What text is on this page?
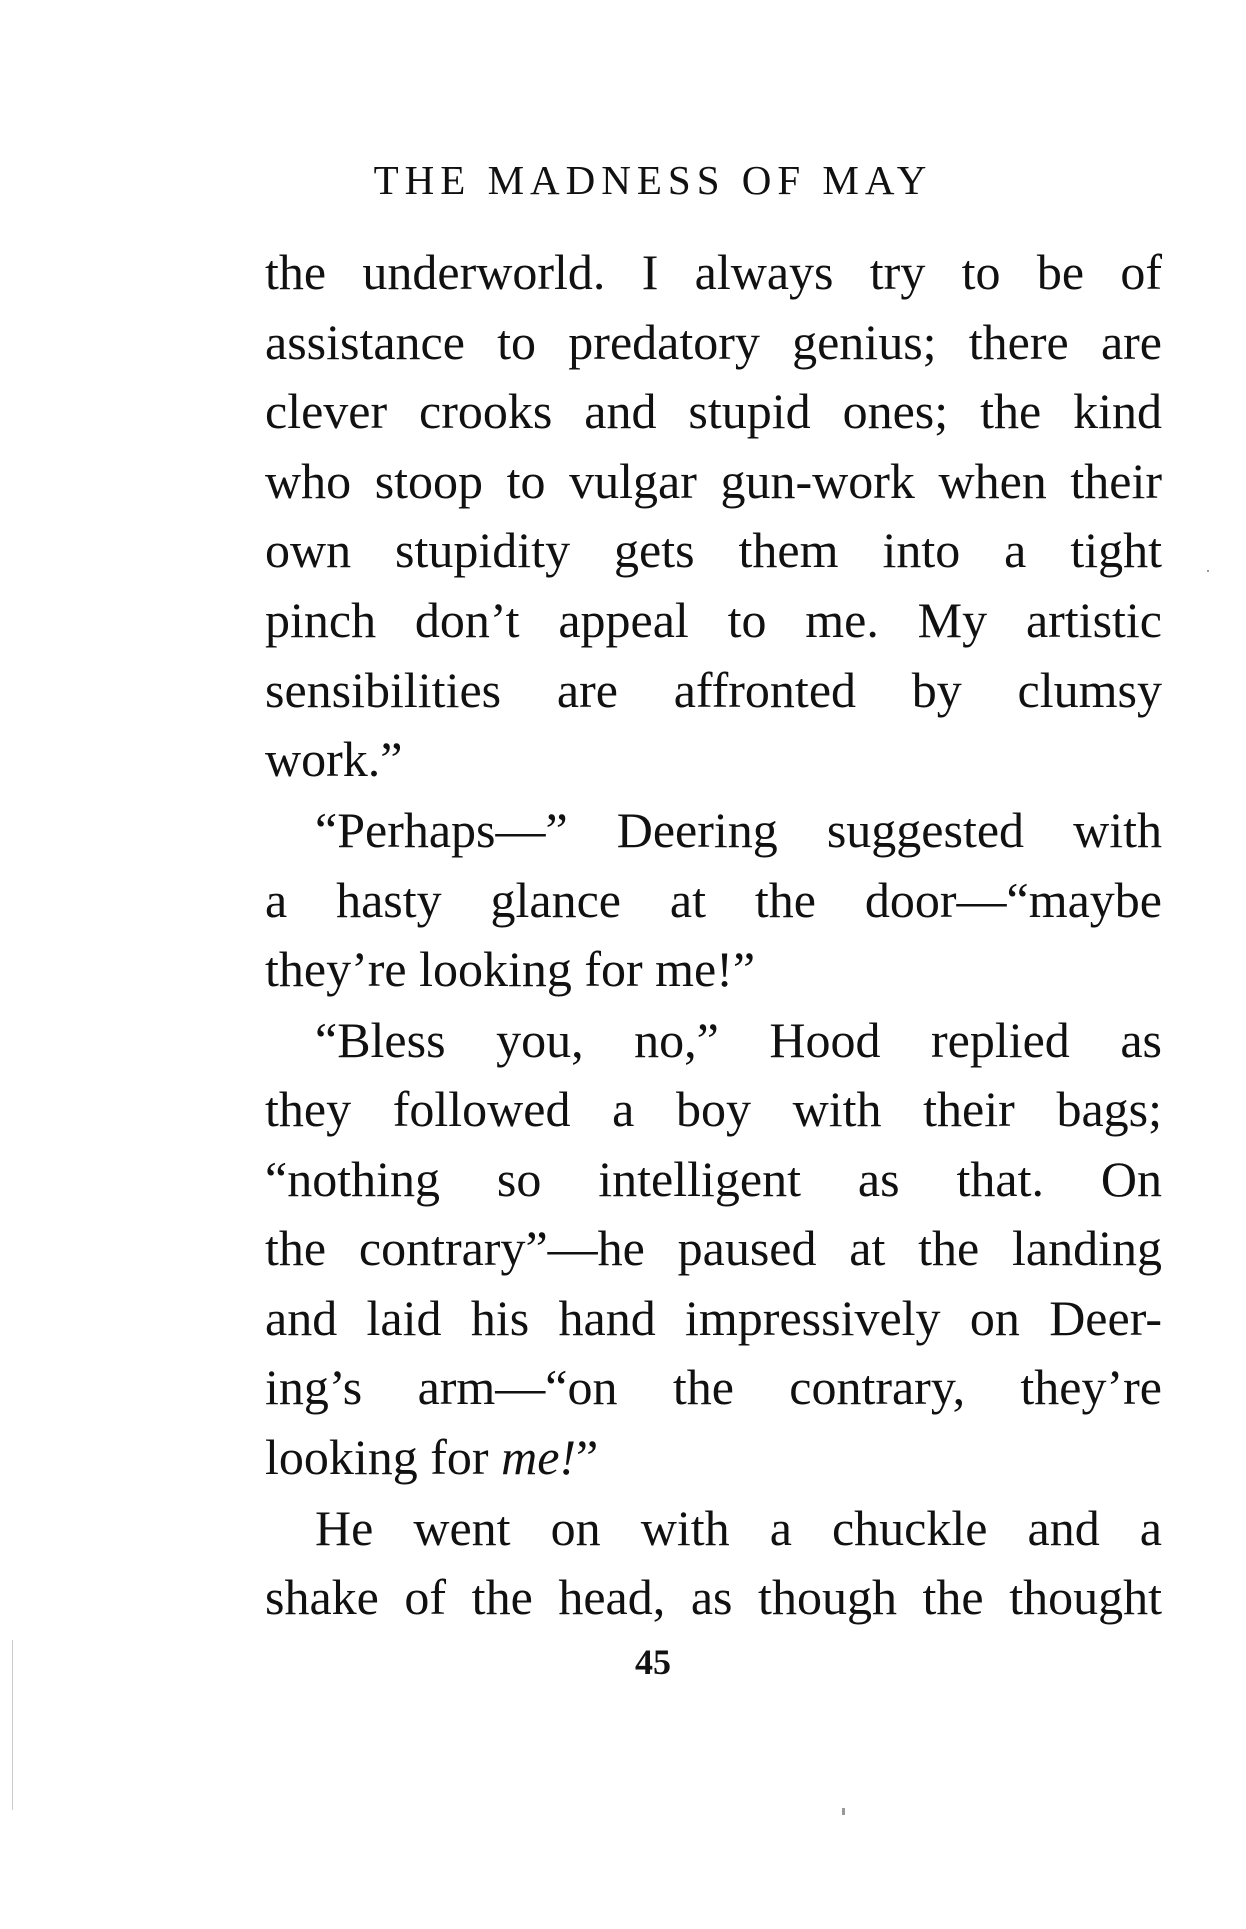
THE MADNESS OF MAY
the underworld. I always try to be of
assistance to predatory genius; there are
clever crooks and stupid ones; the kind
who stoop to vulgar gun-work when their
own stupidity gets them into a tight
pinch don’t appeal to me. My artistic
sensibilities are affronted by clumsy
work.”
“Perhaps—” Deering suggested with
a hasty glance at the door—“maybe
they’re looking for me!”
“Bless you, no,” Hood replied as
they followed a boy with their bags;
“nothing so intelligent as that. On
the contrary”—he paused at the landing
and laid his hand impressively on Deer-
ing’s arm—“on the contrary, they’re
looking for me!”
He went on with a chuckle and a
shake of the head, as though the thought
45
